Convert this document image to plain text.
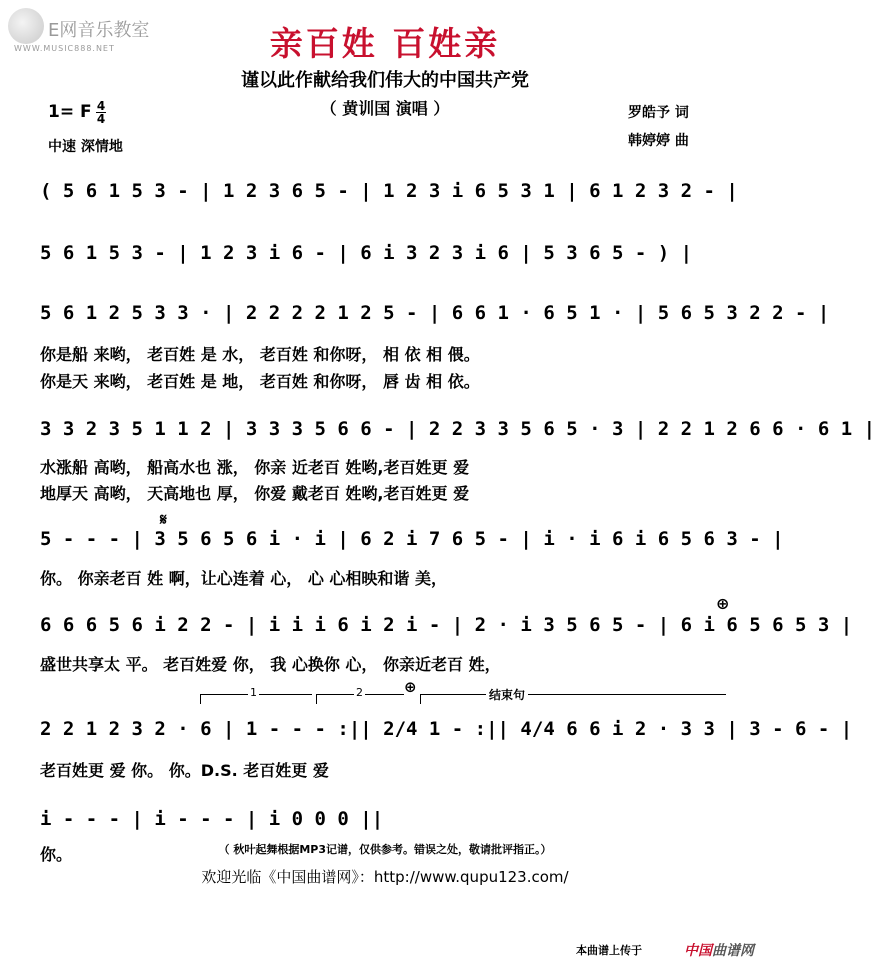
E网音乐教室
WWW.MUSIC888.NET	亲百姓 百姓亲
谨以此作献给我们伟大的中国共产党
（ 黄训国 演唱 ）
1= F 4
4
中速 深情地
罗皓予 词
韩婷婷 曲
( 5 6 1 5 3 - | 1 2 3 6 5 - | 1 2 3 i 6 5 3 1 | 6 1 2 3 2 - |
5 6 1 5 3 - | 1 2 3 i 6 - | 6 i 3 2 3 i 6 | 5 3 6 5 - ) |
5 6 1 2 5 3 3 · | 2 2 2 2 1 2 5 - | 6 6 1 · 6 5 1 · | 5 6 5 3 2 2 - |
你是船 来哟， 老百姓 是 水， 老百姓 和你呀， 相 依 相 偎。
你是天 来哟， 老百姓 是 地， 老百姓 和你呀， 唇 齿 相 依。
3 3 2 3 5 1 1 2 | 3 3 3 5 6 6 - | 2 2 3 3 5 6 5 · 3 | 2 2 1 2 6 6 · 6 1 |
水涨船 高哟， 船高水也 涨， 你亲 近老百 姓哟,老百姓更 爱
地厚天 高哟， 天高地也 厚， 你爱 戴老百 姓哟,老百姓更 爱
𝄋
5 - - - | 3 5 6 5 6 i · i | 6 2 i 7 6 5 - | i · i 6 i 6 5 6 3 - |
你。 你亲老百 姓 啊，让心连着 心， 心 心相映和谐 美，
⊕
6 6 6 5 6 i 2 2 - | i i i 6 i 2 i - | 2 · i 3 5 6 5 - | 6 i 6 5 6 5 3 |
盛世共享太 平。 老百姓爱 你， 我 心换你 心， 你亲近老百 姓，
1	2	⊕	结束句
2 2 1 2 3 2 · 6 | 1 - - - :|| 2/4 1 - :|| 4/4 6 6 i 2 · 3 3 | 3 - 6 - |
老百姓更 爱 你。 你。D.S. 老百姓更 爱
i - - - | i - - - | i 0 0 0 ||
你。	（ 秋叶起舞根据MP3记谱，仅供参考。错误之处，敬请批评指正。）
欢迎光临《中国曲谱网》：http://www.qupu123.com/
本曲谱上传于	中国曲谱网
